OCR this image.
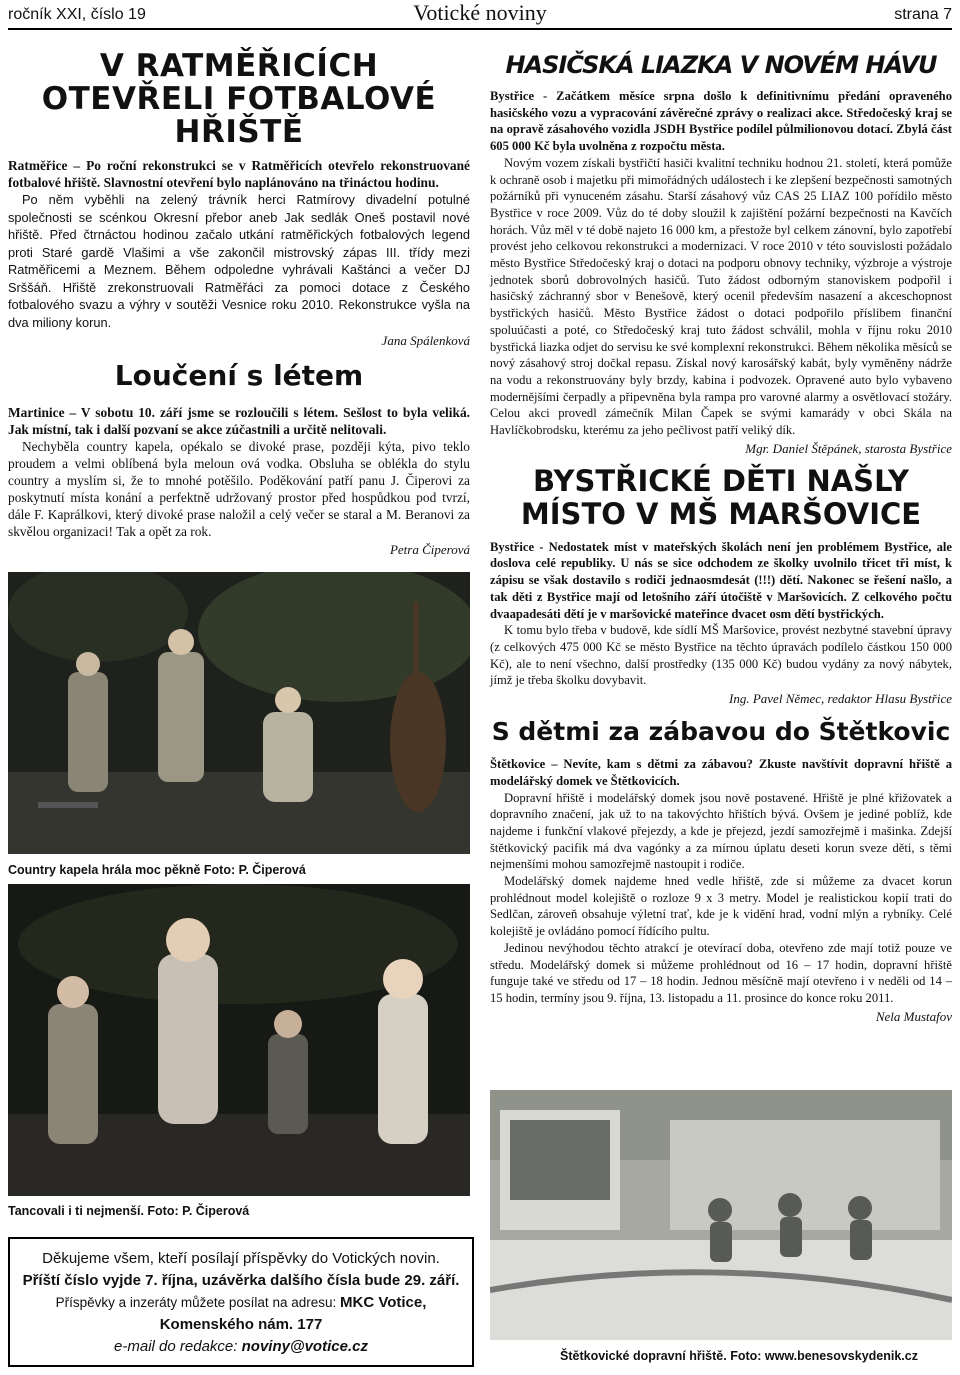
ročník XXI, číslo 19	Votické noviny	strana 7
V RATMĚŘICÍCH OTEVŘELI FOTBALOVÉ HŘIŠTĚ

Ratměřice – Po roční rekonstrukci se v Ratměřicích otevřelo rekonstruované fotbalové hřiště. Slavnostní otevření bylo naplánováno na třináctou hodinu.

Po něm vyběhli na zelený trávník herci Ratmírovy divadelní potulné společnosti se scénkou Okresní přebor aneb Jak sedlák Oneš postavil nové hřiště. Před čtrnáctou hodinou začalo utkání ratměřických fotbalových legend proti Staré gardě Vlašimi a vše zakončil mistrovský zápas III. třídy mezi Ratměřicemi a Meznem. Během odpoledne vyhrávali Kaštánci a večer DJ Srššáň. Hřiště zrekonstruovali Ratměřáci za pomoci dotace z Českého fotbalového svazu a výhry v soutěži Vesnice roku 2010. Rekonstrukce vyšla na dva miliony korun.

Jana Spálenková
Loučení s létem

Martinice – V sobotu 10. září jsme se rozloučili s létem. Sešlost to byla veliká. Jak místní, tak i další pozvaní se akce zúčastnili a určitě nelitovali.

Nechyběla country kapela, opékalo se divoké prase, později kýta, pivo teklo proudem a velmi oblíbená byla meloun ová vodka. Obsluha se oblékla do stylu country a myslím si, že to mnohé potěšilo. Poděkování patří panu J. Čiperovi za poskytnutí místa konání a perfektně udržovaný prostor před hospůdkou pod tvrzí, dále F. Kaprálkovi, který divoké prase naložil a celý večer se staral a M. Beranovi za skvělou organizaci! Tak a opět za rok.

Petra Čiperová
Country kapela hrála moc pěkně Foto: P. Čiperová
Tancovali i ti nejmenší. Foto: P. Čiperová
Děkujeme všem, kteří posílají příspěvky do Votických novin.
Příští číslo vyjde 7. října, uzávěrka dalšího čísla bude 29. září.
Příspěvky a inzeráty můžete posílat na adresu: MKC Votice,
Komenského nám. 177
e-mail do redakce: noviny@votice.cz
HASIČSKÁ LIAZKA V NOVÉM HÁVU

Bystřice - Začátkem měsíce srpna došlo k definitivnímu předání opraveného hasičského vozu a vypracování závěrečné zprávy o realizaci akce. Středočeský kraj se na opravě zásahového vozidla JSDH Bystřice podílel půlmilionovou dotací. Zbylá část 605 000 Kč byla uvolněna z rozpočtu města.

Novým vozem získali bystřičtí hasiči kvalitní techniku hodnou 21. století, která pomůže k ochraně osob i majetku při mimořádných událostech i ke zlepšení bezpečnosti samotných požárníků při vynuceném zásahu. Starší zásahový vůz CAS 25 LIAZ 100 pořídilo město Bystřice v roce 2009. Vůz do té doby sloužil k zajištění požární bezpečnosti na Kavčích horách. Vůz měl v té době najeto 16 000 km, a přestože byl celkem zánovní, bylo zapotřebí provést jeho celkovou rekonstrukci a modernizaci. V roce 2010 v této souvislosti požádalo město Bystřice Středočeský kraj o dotaci na podporu obnovy techniky, výzbroje a výstroje jednotek sborů dobrovolných hasičů. Tuto žádost odborným stanoviskem podpořil i hasičský záchranný sbor v Benešově, který ocenil především nasazení a akceschopnost bystřických hasičů. Město Bystřice žádost o dotaci podpořilo příslibem finanční spoluúčasti a poté, co Středočeský kraj tuto žádost schválil, mohla v říjnu roku 2010 bystřická liazka odjet do servisu ke své komplexní rekonstrukci. Během několika měsíců se nový zásahový stroj dočkal repasu. Získal nový karosářský kabát, byly vyměněny nádrže na vodu a rekonstruovány byly brzdy, kabina i podvozek. Opravené auto bylo vybaveno modernějšími čerpadly a připevněna byla rampa pro varovné alarmy a osvětlovací stožáry. Celou akci provedl zámečník Milan Čapek se svými kamarády v obci Skála na Havlíčkobrodsku, kterému za jeho pečlivost patří veliký dík.

Mgr. Daniel Štěpánek, starosta Bystřice
BYSTŘICKÉ DĚTI NAŠLY MÍSTO V MŠ MARŠOVICE

Bystřice - Nedostatek míst v mateřských školách není jen problémem Bystřice, ale doslova celé republiky. U nás se sice odchodem ze školky uvolnilo třicet tři míst, k zápisu se však dostavilo s rodiči jednaosmdesát (!!!) dětí. Nakonec se řešení našlo, a tak děti z Bystřice mají od letošního září útočiště v Maršovicích. Z celkového počtu dvaapadesáti dětí je v maršovické mateřince dvacet osm dětí bystřických.

K tomu bylo třeba v budově, kde sídlí MŠ Maršovice, provést nezbytné stavební úpravy (z celkových 475 000 Kč se město Bystřice na těchto úpravách podílelo částkou 150 000 Kč), ale to není všechno, další prostředky (135 000 Kč) budou vydány za nový nábytek, jímž je třeba školku dovybavit.

Ing. Pavel Němec, redaktor Hlasu Bystřice
S dětmi za zábavou do Štětkovic

Štětkovice – Nevíte, kam s dětmi za zábavou? Zkuste navštívit dopravní hřiště a modelářský domek ve Štětkovicích.

Dopravní hřiště i modelářský domek jsou nově postavené. Hřiště je plné křižovatek a dopravního značení, jak už to na takovýchto hřištích bývá. Ovšem je jediné poblíž, kde najdeme i funkční vlakové přejezdy, a kde je přejezd, jezdí samozřejmě i mašinka. Zdejší štětkovický pacifik má dva vagónky a za mírnou úplatu deseti korun sveze děti, s těmi nejmenšími mohou samozřejmě nastoupit i rodiče.

Modelářský domek najdeme hned vedle hřiště, zde si můžeme za dvacet korun prohlédnout model kolejiště o rozloze 9 x 3 metry. Model je realistickou kopií trati do Sedlčan, zároveň obsahuje výletní trať, kde je k vidění hrad, vodní mlýn a rybníky. Celé kolejiště je ovládáno pomocí řídícího pultu.

Jedinou nevýhodou těchto atrakcí je otevírací doba, otevřeno zde mají totiž pouze ve středu. Modelářský domek si můžeme prohlédnout od 16 – 17 hodin, dopravní hřiště funguje také ve středu od 17 – 18 hodin. Jednou měsíčně mají otevřeno i v neděli od 14 – 15 hodin, termíny jsou 9. října, 13. listopadu a 11. prosince do konce roku 2011.

Nela Mustafov
Štětkovické dopravní hřiště. Foto: www.benesovskydenik.cz
